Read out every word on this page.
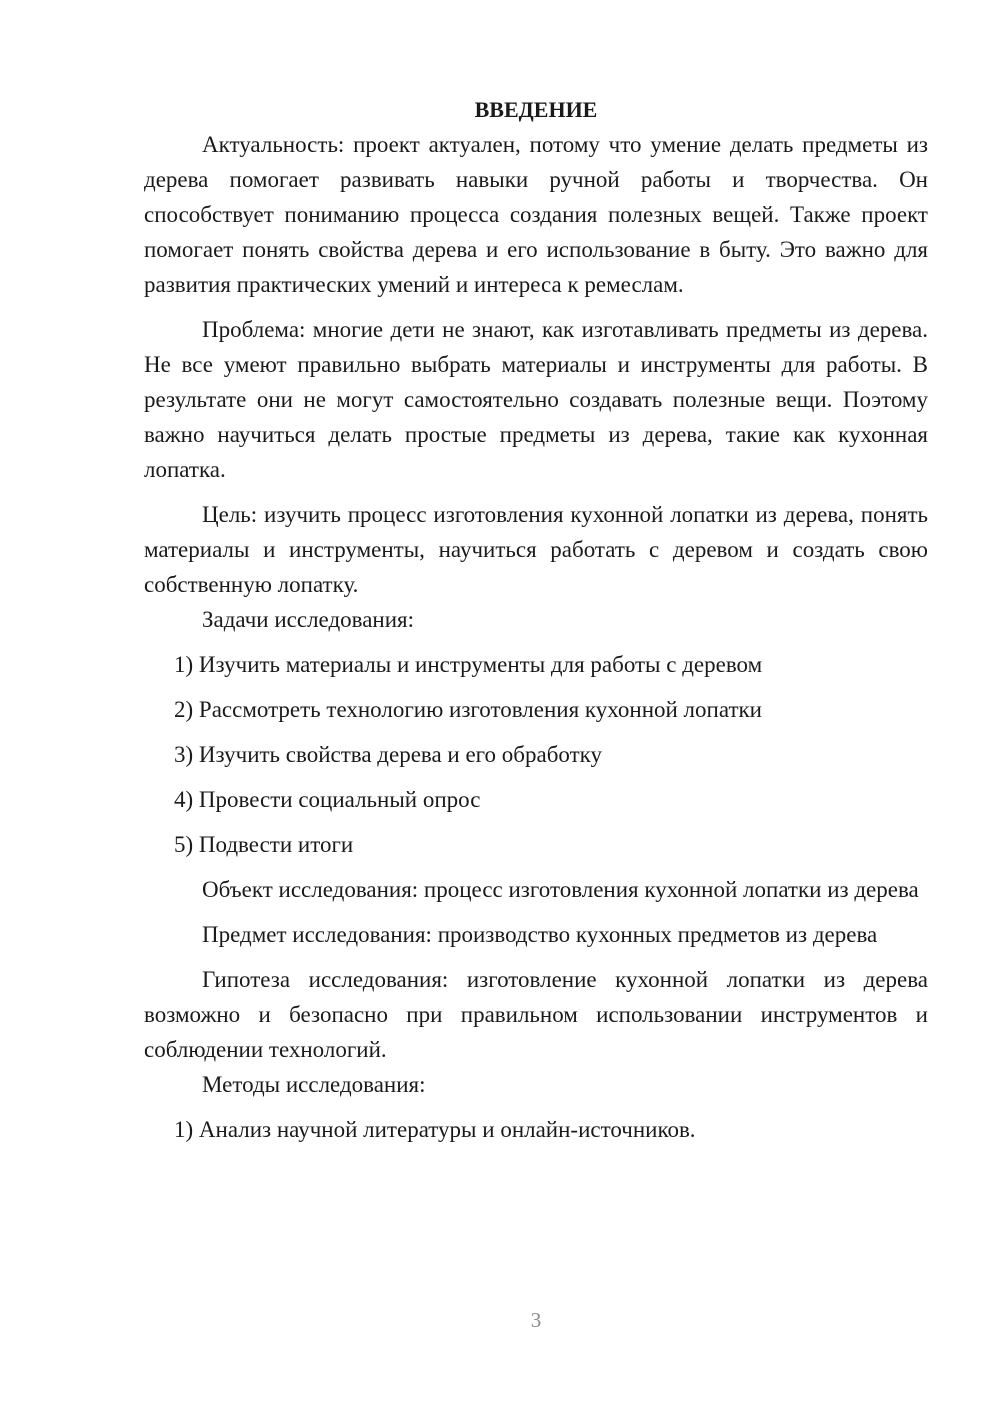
ВВЕДЕНИЕ

Актуальность: проект актуален, потому что умение делать предметы из дерева помогает развивать навыки ручной работы и творчества. Он способствует пониманию процесса создания полезных вещей. Также проект помогает понять свойства дерева и его использование в быту. Это важно для развития практических умений и интереса к ремеслам.

Проблема: многие дети не знают, как изготавливать предметы из дерева. Не все умеют правильно выбрать материалы и инструменты для работы. В результате они не могут самостоятельно создавать полезные вещи. Поэтому важно научиться делать простые предметы из дерева, такие как кухонная лопатка.

Цель: изучить процесс изготовления кухонной лопатки из дерева, понять материалы и инструменты, научиться работать с деревом и создать свою собственную лопатку.

Задачи исследования:

1) Изучить материалы и инструменты для работы с деревом

2) Рассмотреть технологию изготовления кухонной лопатки

3) Изучить свойства дерева и его обработку

4) Провести социальный опрос

5) Подвести итоги

Объект исследования: процесс изготовления кухонной лопатки из дерева

Предмет исследования: производство кухонных предметов из дерева

Гипотеза исследования: изготовление кухонной лопатки из дерева возможно и безопасно при правильном использовании инструментов и соблюдении технологий.

Методы исследования:

1) Анализ научной литературы и онлайн-источников.

3
